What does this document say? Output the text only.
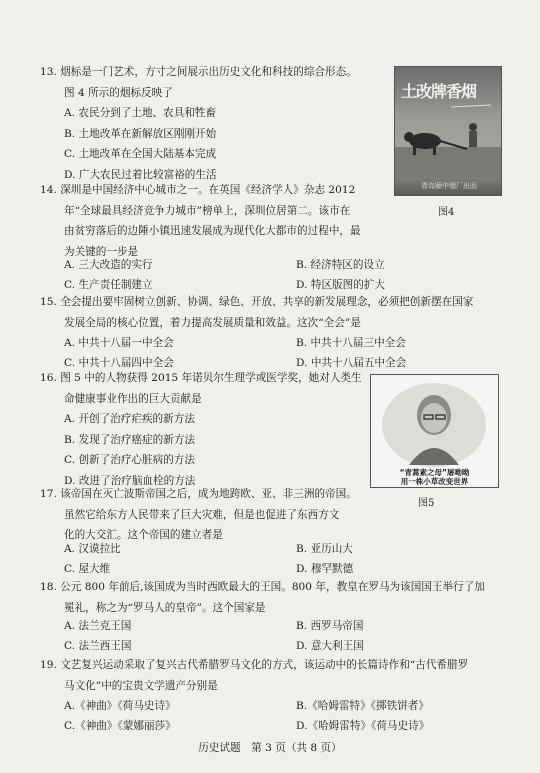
13. 烟标是一门艺术，方寸之间展示出历史文化和科技的综合形态。
图 4 所示的烟标反映了
A. 农民分到了土地、农具和牲畜
B. 土地改革在新解放区刚刚开始
C. 土地改革在全国大陆基本完成
D. 广大农民过着比较富裕的生活
土改牌香烟
青岛颐中烟厂出品
图4
14. 深圳是中国经济中心城市之一。在英国《经济学人》杂志 2012
年“全球最具经济竞争力城市”榜单上，深圳位居第二。该市在
由贫穷落后的边陲小镇迅速发展成为现代化大都市的过程中，最
为关键的一步是
A. 三大改造的实行	B. 经济特区的设立
C. 生产责任制建立	D. 特区版图的扩大
15. 全会提出要牢固树立创新、协调、绿色、开放、共享的新发展理念，必须把创新摆在国家
发展全局的核心位置，着力提高发展质量和效益。这次“全会”是
A. 中共十八届一中全会	B. 中共十八届三中全会
C. 中共十八届四中全会	D. 中共十八届五中全会
16. 图 5 中的人物获得 2015 年诺贝尔生理学或医学奖，她对人类生
命健康事业作出的巨大贡献是
A. 开创了治疗疟疾的新方法
B. 发现了治疗癌症的新方法
C. 创新了治疗心脏病的方法
D. 改进了治疗脑血栓的方法
“青蒿素之母”屠呦呦
用一株小草改变世界
图5
17. 该帝国在灭亡波斯帝国之后，成为地跨欧、亚、非三洲的帝国。
虽然它给东方人民带来了巨大灾难，但是也促进了东西方文
化的大交汇。这个帝国的建立者是
A. 汉谟拉比	B. 亚历山大
C. 屋大维	D. 穆罕默德
18. 公元 800 年前后,该国成为当时西欧最大的王国。800 年，教皇在罗马为该国国王举行了加
冕礼，称之为“罗马人的皇帝”。这个国家是
A. 法兰克王国	B. 西罗马帝国
C. 法兰西王国	D. 意大利王国
19. 文艺复兴运动采取了复兴古代希腊罗马文化的方式，该运动中的长篇诗作和“古代希腊罗
马文化”中的宝贵文学遗产分别是
A.《神曲》《荷马史诗》	B.《哈姆雷特》《掷铁饼者》
C.《神曲》《蒙娜丽莎》	D.《哈姆雷特》《荷马史诗》
历史试题　第 3 页（共 8 页）
